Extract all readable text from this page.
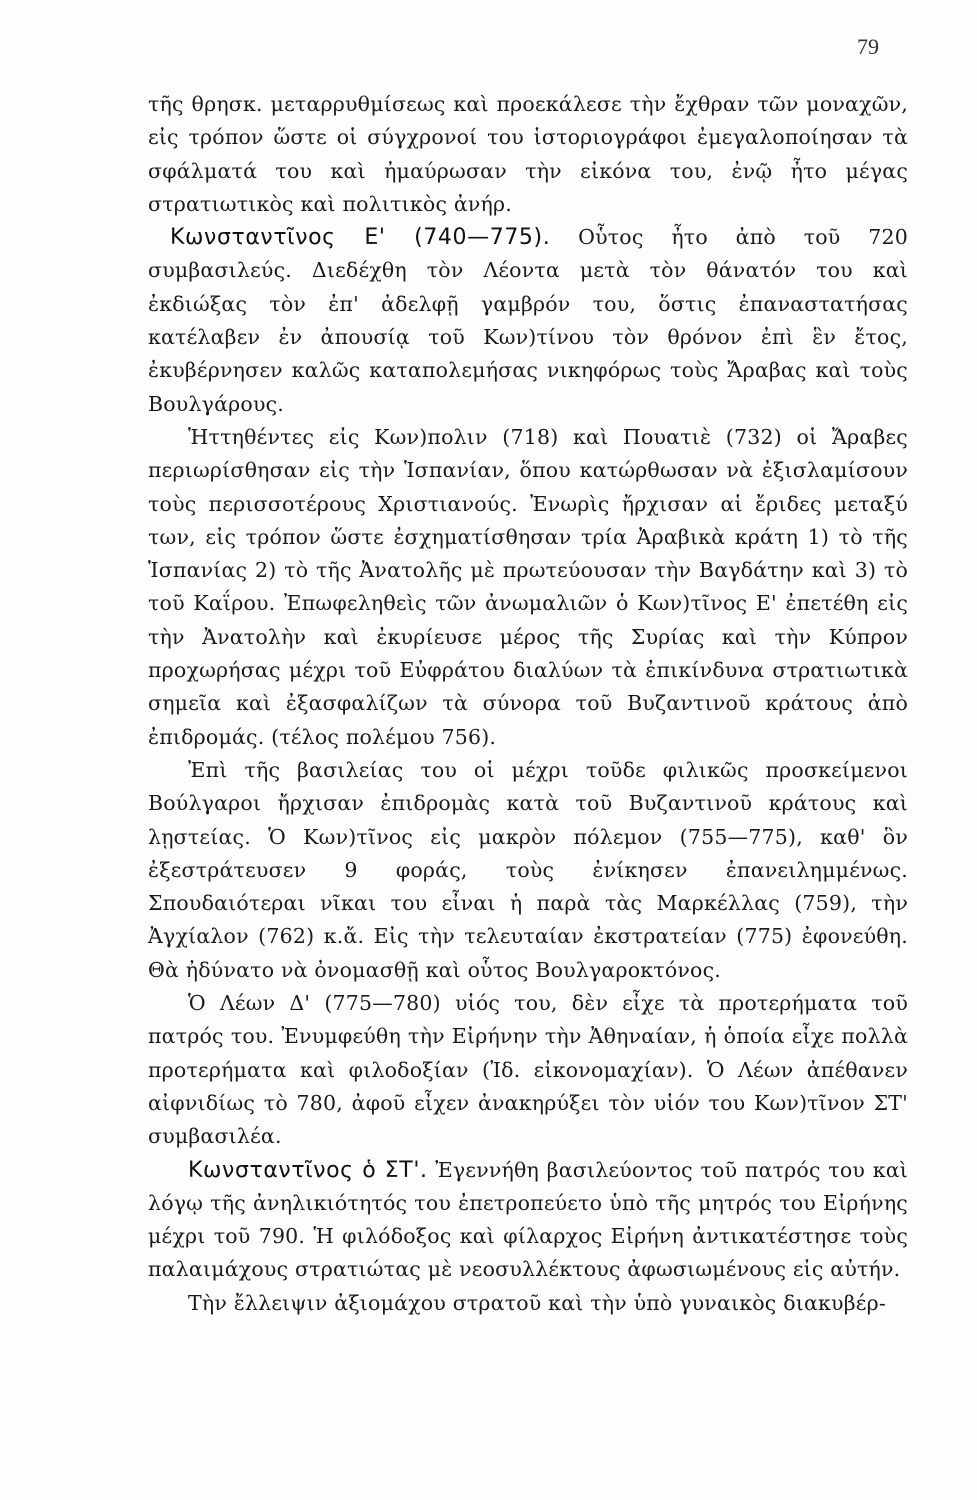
79

τῆς θρησκ. μεταρρυθμίσεως καὶ προεκάλεσε τὴν ἔχθραν τῶν μοναχῶν, εἰς τρόπον ὥστε οἱ σύγχρονοί του ἱστοριογράφοι ἐμεγαλοποίησαν τὰ σφάλματά του καὶ ἠμαύρωσαν τὴν εἰκόνα του, ἐνῷ ἦτο μέγας στρατιωτικὸς καὶ πολιτικὸς ἀνήρ.

Κωνσταντῖνος Ε' (740—775). Οὗτος ἦτο ἀπὸ τοῦ 720 συμβασιλεύς. Διεδέχθη τὸν Λέοντα μετὰ τὸν θάνατόν του καὶ ἐκδιώξας τὸν ἐπ' ἀδελφῇ γαμβρόν του, ὅστις ἐπαναστατήσας κατέλαβεν ἐν ἀπουσίᾳ τοῦ Κων)τίνου τὸν θρόνον ἐπὶ ἓν ἔτος, ἐκυβέρνησεν καλῶς καταπολεμήσας νικηφόρως τοὺς Ἄραβας καὶ τοὺς Βουλγάρους.

Ἡττηθέντες εἰς Κων)πολιν (718) καὶ Πουατιὲ (732) οἱ Ἄραβες περιωρίσθησαν εἰς τὴν Ἱσπανίαν, ὅπου κατώρθωσαν νὰ ἐξισλαμίσουν τοὺς περισσοτέρους Χριστιανούς. Ἐνωρὶς ἤρχισαν αἱ ἔριδες μεταξύ των, εἰς τρόπον ὥστε ἐσχηματίσθησαν τρία Ἀραβικὰ κράτη 1) τὸ τῆς Ἱσπανίας 2) τὸ τῆς Ἀνατολῆς μὲ πρωτεύουσαν τὴν Βαγδάτην καὶ 3) τὸ τοῦ Καΐρου. Ἐπωφεληθεὶς τῶν ἀνωμαλιῶν ὁ Κων)τῖνος Ε' ἐπετέθη εἰς τὴν Ἀνατολὴν καὶ ἐκυρίευσε μέρος τῆς Συρίας καὶ τὴν Κύπρον προχωρήσας μέχρι τοῦ Εὐφράτου διαλύων τὰ ἐπικίνδυνα στρατιωτικὰ σημεῖα καὶ ἐξασφαλίζων τὰ σύνορα τοῦ Βυζαντινοῦ κράτους ἀπὸ ἐπιδρομάς. (τέλος πολέμου 756).

Ἐπὶ τῆς βασιλείας του οἱ μέχρι τοῦδε φιλικῶς προσκείμενοι Βούλγαροι ἤρχισαν ἐπιδρομὰς κατὰ τοῦ Βυζαντινοῦ κράτους καὶ λῃστείας. Ὁ Κων)τῖνος εἰς μακρὸν πόλεμον (755—775), καθ' ὃν ἐξεστράτευσεν 9 φοράς, τοὺς ἐνίκησεν ἐπανειλημμένως. Σπουδαιότεραι νῖκαι του εἶναι ἡ παρὰ τὰς Μαρκέλλας (759), τὴν Ἀγχίαλον (762) κ.ἄ. Εἰς τὴν τελευταίαν ἐκστρατείαν (775) ἐφονεύθη. Θὰ ἠδύνατο νὰ ὀνομασθῇ καὶ οὗτος Βουλγαροκτόνος.

Ὁ Λέων Δ' (775—780) υἱός του, δὲν εἶχε τὰ προτερήματα τοῦ πατρός του. Ἐνυμφεύθη τὴν Εἰρήνην τὴν Ἀθηναίαν, ἡ ὁποία εἶχε πολλὰ προτερήματα καὶ φιλοδοξίαν (Ἰδ. εἰκονομαχίαν). Ὁ Λέων ἀπέθανεν αἰφνιδίως τὸ 780, ἀφοῦ εἶχεν ἀνακηρύξει τὸν υἱόν του Κων)τῖνον ΣΤ' συμβασιλέα.

Κωνσταντῖνος ὁ ΣΤ'. Ἐγεννήθη βασιλεύοντος τοῦ πατρός του καὶ λόγῳ τῆς ἀνηλικιότητός του ἐπετροπεύετο ὑπὸ τῆς μητρός του Εἰρήνης μέχρι τοῦ 790. Ἡ φιλόδοξος καὶ φίλαρχος Εἰρήνη ἀντικατέστησε τοὺς παλαιμάχους στρατιώτας μὲ νεοσυλλέκτους ἀφωσιωμένους εἰς αὐτήν.

Τὴν ἔλλειψιν ἀξιομάχου στρατοῦ καὶ τὴν ὑπὸ γυναικὸς διακυβέρ-
